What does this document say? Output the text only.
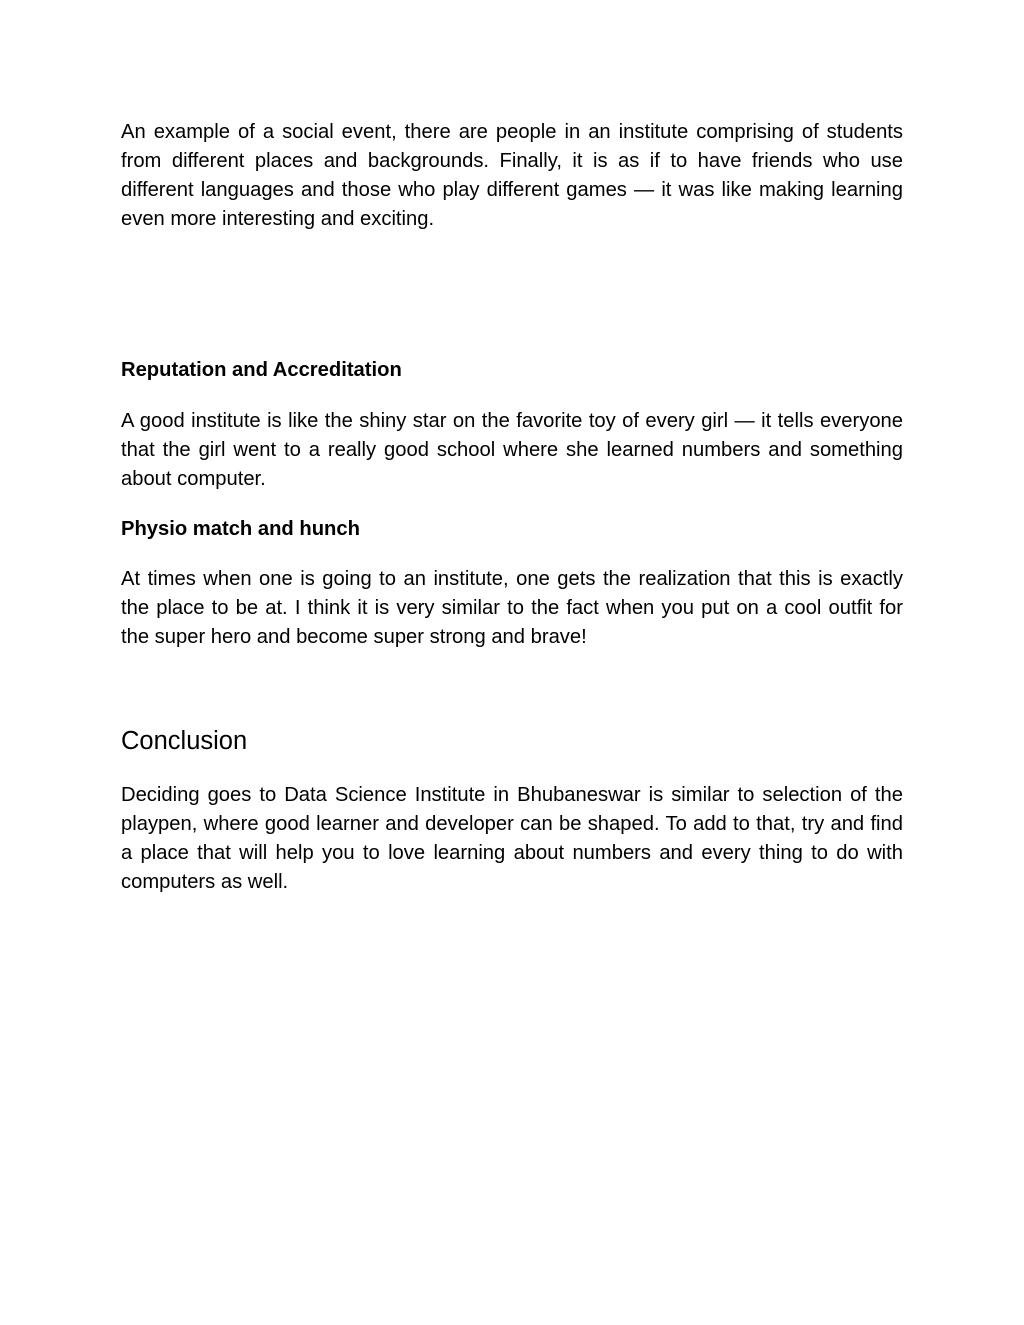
An example of a social event, there are people in an institute comprising of students from different places and backgrounds. Finally, it is as if to have friends who use different languages and those who play different games — it was like making learning even more interesting and exciting.

Reputation and Accreditation

A good institute is like the shiny star on the favorite toy of every girl — it tells everyone that the girl went to a really good school where she learned numbers and something about computer.

Physio match and hunch

At times when one is going to an institute, one gets the realization that this is exactly the place to be at. I think it is very similar to the fact when you put on a cool outfit for the super hero and become super strong and brave!

Conclusion

Deciding goes to Data Science Institute in Bhubaneswar is similar to selection of the playpen, where good learner and developer can be shaped. To add to that, try and find a place that will help you to love learning about numbers and every thing to do with computers as well.
